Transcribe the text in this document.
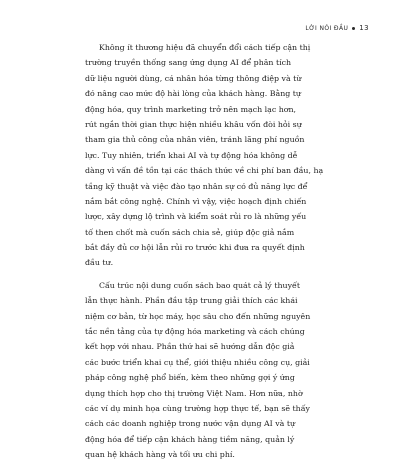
LỜI NÓI ĐẦU 13
Không ít thương hiệu đã chuyển đổi cách tiếp cận thị
trường truyền thống sang ứng dụng AI để phân tích
dữ liệu người dùng, cá nhân hóa từng thông điệp và từ
đó nâng cao mức độ hài lòng của khách hàng. Bằng tự
động hóa, quy trình marketing trở nên mạch lạc hơn,
rút ngắn thời gian thực hiện nhiều khâu vốn đòi hỏi sự
tham gia thủ công của nhân viên, tránh lãng phí nguồn
lực. Tuy nhiên, triển khai AI và tự động hóa không dễ
dàng vì vấn đề tồn tại các thách thức về chi phí ban đầu, hạ
tầng kỹ thuật và việc đào tạo nhân sự có đủ năng lực để
nắm bắt công nghệ. Chính vì vậy, việc hoạch định chiến
lược, xây dựng lộ trình và kiểm soát rủi ro là những yếu
tố then chốt mà cuốn sách chia sẻ, giúp độc giả nắm
bắt đầy đủ cơ hội lẫn rủi ro trước khi đưa ra quyết định
đầu tư.
Cấu trúc nội dung cuốn sách bao quát cả lý thuyết
lẫn thực hành. Phần đầu tập trung giải thích các khái
niệm cơ bản, từ học máy, học sâu cho đến những nguyên
tắc nền tảng của tự động hóa marketing và cách chúng
kết hợp với nhau. Phần thứ hai sẽ hướng dẫn độc giả
các bước triển khai cụ thể, giới thiệu nhiều công cụ, giải
pháp công nghệ phổ biến, kèm theo những gợi ý ứng
dụng thích hợp cho thị trường Việt Nam. Hơn nữa, nhờ
các ví dụ minh họa cùng trường hợp thực tế, bạn sẽ thấy
cách các doanh nghiệp trong nước vận dụng AI và tự
động hóa để tiếp cận khách hàng tiềm năng, quản lý
quan hệ khách hàng và tối ưu chi phí.
